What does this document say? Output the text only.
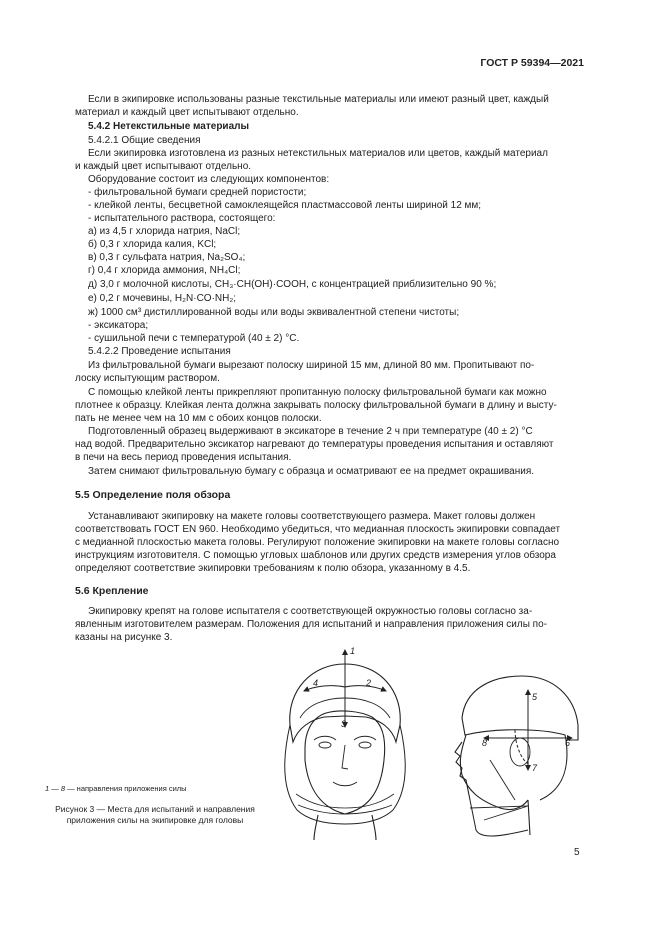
ГОСТ Р 59394—2021
Если в экипировке использованы разные текстильные материалы или имеют разный цвет, каждый
материал и каждый цвет испытывают отдельно.
5.4.2 Нетекстильные материалы
5.4.2.1 Общие сведения
Если экипировка изготовлена из разных нетекстильных материалов или цветов, каждый материал
и каждый цвет испытывают отдельно.
Оборудование состоит из следующих компонентов:
- фильтровальной бумаги средней пористости;
- клейкой ленты, бесцветной самоклеящейся пластмассовой ленты шириной 12 мм;
- испытательного раствора, состоящего:
а) из 4,5 г хлорида натрия, NaCl;
б) 0,3 г хлорида калия, KCl;
в) 0,3 г сульфата натрия, Na₂SO₄;
г) 0,4 г хлорида аммония, NH₄Cl;
д) 3,0 г молочной кислоты, CH₃·CH(OH)·COOH, с концентрацией приблизительно 90 %;
е) 0,2 г мочевины, H₂N·CO·NH₂;
ж) 1000 см³ дистиллированной воды или воды эквивалентной степени чистоты;
- эксикатора;
- сушильной печи с температурой (40 ± 2) °С.
5.4.2.2 Проведение испытания
Из фильтровальной бумаги вырезают полоску шириной 15 мм, длиной 80 мм. Пропитывают по-
лоску испытующим раствором.
С помощью клейкой ленты прикрепляют пропитанную полоску фильтровальной бумаги как можно
плотнее к образцу. Клейкая лента должна закрывать полоску фильтровальной бумаги в длину и высту-
пать не менее чем на 10 мм с обоих концов полоски.
Подготовленный образец выдерживают в эксикаторе в течение 2 ч при температуре (40 ± 2) °С
над водой. Предварительно эксикатор нагревают до температуры проведения испытания и оставляют
в печи на весь период проведения испытания.
Затем снимают фильтровальную бумагу с образца и осматривают ее на предмет окрашивания.
5.5 Определение поля обзора
Устанавливают экипировку на макете головы соответствующего размера. Макет головы должен
соответствовать ГОСТ EN 960. Необходимо убедиться, что медианная плоскость экипировки совпадает
с медианной плоскостью макета головы. Регулируют положение экипировки на макете головы согласно
инструкциям изготовителя. С помощью угловых шаблонов или других средств измерения углов обзора
определяют соответствие экипировки требованиям к полю обзора, указанному в 4.5.
5.6 Крепление
Экипировку крепят на голове испытателя с соответствующей окружностью головы согласно за-
явленным изготовителем размерам. Положения для испытаний и направления приложения силы по-
казаны на рисунке 3.
1
2
3
4
5
6
7
8
1 — 8 — направления приложения силы
Рисунок 3 — Места для испытаний и направления приложения силы на экипировке для головы
5
